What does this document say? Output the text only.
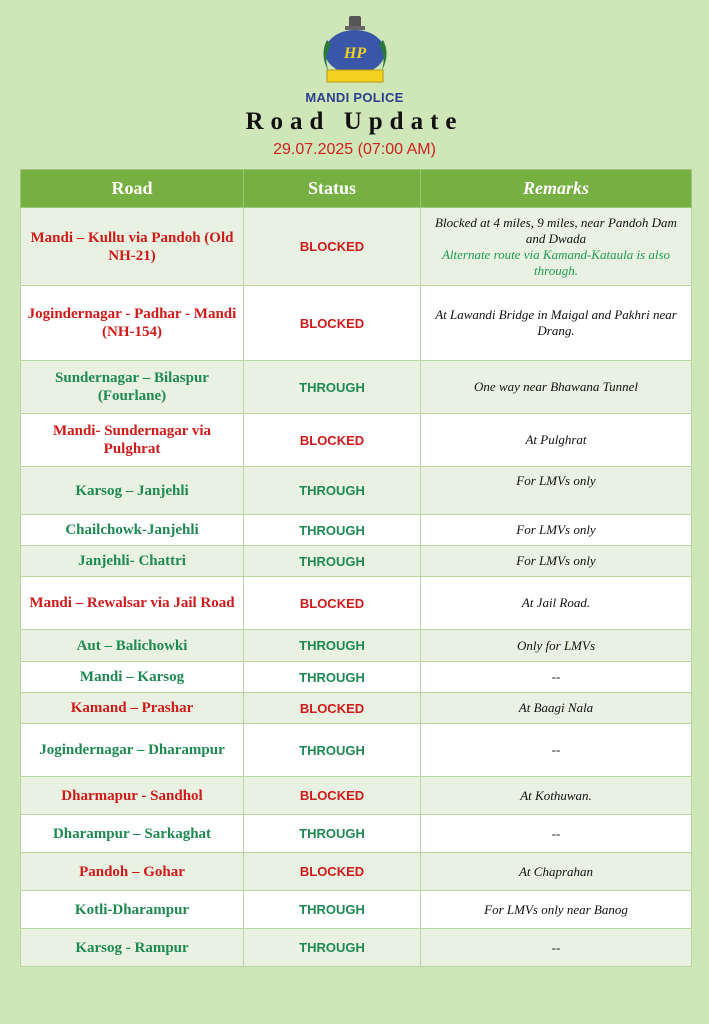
HP
MANDI POLICE
Road Update
29.07.2025 (07:00 AM)
Road	Status	Remarks
Mandi – Kullu via Pandoh (Old NH-21)	BLOCKED	Blocked at 4 miles, 9 miles, near Pandoh Dam and Dwada
Alternate route via Kamand-Kataula is also through.

Jogindernagar - Padhar - Mandi (NH-154)	BLOCKED	At Lawandi Bridge in Maigal and Pakhri near Drang.

Sundernagar – Bilaspur (Fourlane)	THROUGH	One way near Bhawana Tunnel

Mandi- Sundernagar via Pulghrat	BLOCKED	At Pulghrat

Karsog – Janjehli	THROUGH	For LMVs only

Chailchowk-Janjehli	THROUGH	For LMVs only

Janjehli- Chattri	THROUGH	For LMVs only

Mandi – Rewalsar via Jail Road	BLOCKED	At Jail Road.

Aut – Balichowki	THROUGH	Only for LMVs

Mandi – Karsog	THROUGH	--

Kamand – Prashar	BLOCKED	At Baagi Nala

Jogindernagar – Dharampur	THROUGH	--

Dharmapur - Sandhol	BLOCKED	At Kothuwan.

Dharampur – Sarkaghat	THROUGH	--

Pandoh – Gohar	BLOCKED	At Chaprahan

Kotli-Dharampur	THROUGH	For LMVs only near Banog

Karsog - Rampur	THROUGH	--
